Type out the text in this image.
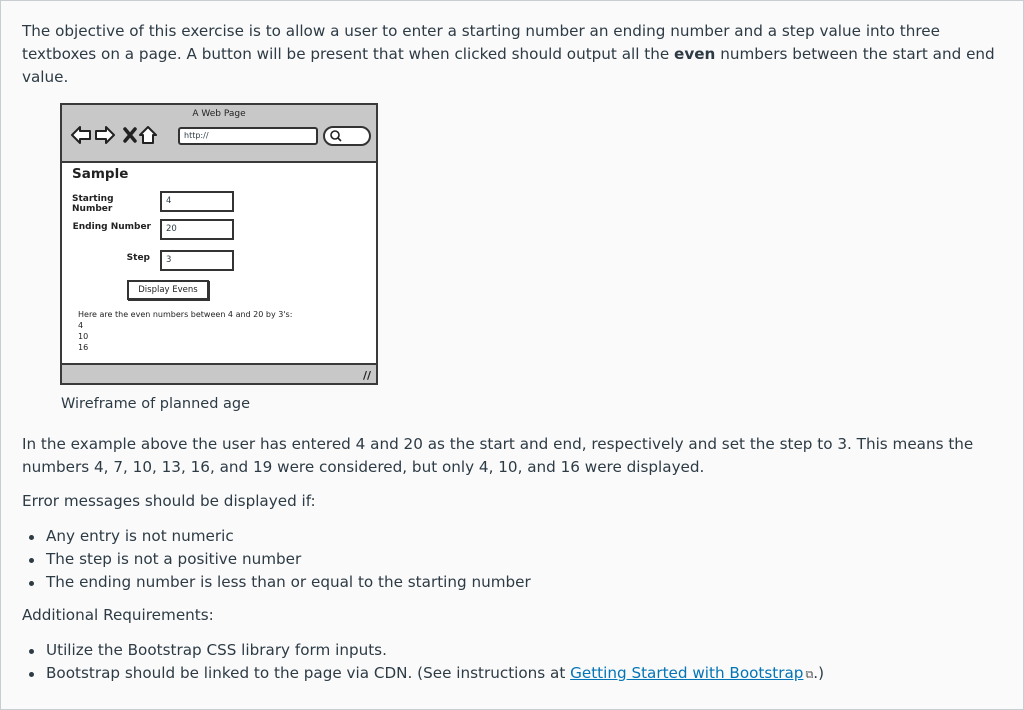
The objective of this exercise is to allow a user to enter a starting number an ending number and a step value into three textboxes on a page. A button will be present that when clicked should output all the even numbers between the start and end value.

A Web Page
http://
Sample
Starting Number
4
Ending Number	20
Step	3
Display Evens
Here are the even numbers between 4 and 20 by 3's:
4
10
16
//
Wireframe of planned age

In the example above the user has entered 4 and 20 as the start and end, respectively and set the step to 3. This means the numbers 4, 7, 10, 13, 16, and 19 were considered, but only 4, 10, and 16 were displayed.

Error messages should be displayed if:

Any entry is not numeric
The step is not a positive number
The ending number is less than or equal to the starting number

Additional Requirements:

Utilize the Bootstrap CSS library form inputs.
Bootstrap should be linked to the page via CDN. (See instructions at Getting Started with Bootstrap ⧉.)
